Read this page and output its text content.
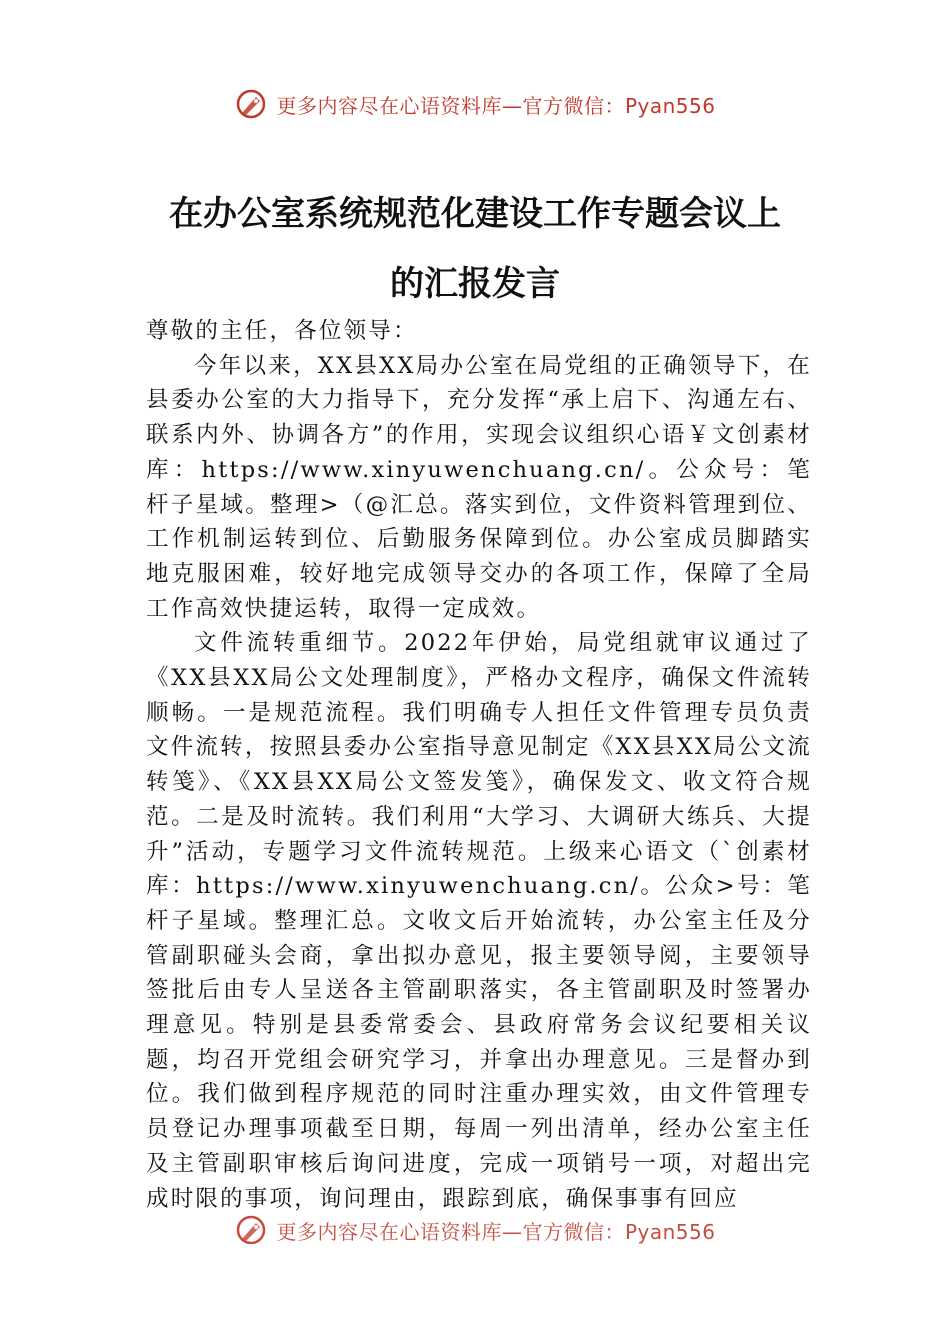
更多内容尽在心语资料库—官方微信：Pyan556
在办公室系统规范化建设工作专题会议上
的汇报发言

尊敬的主任，各位领导：

今年以来，XX县XX局办公室在局党组的正确领导下，在县委办公室的大力指导下，充分发挥“承上启下、沟通左右、联系内外、协调各方”的作用，实现会议组织心语￥文创素材库：https://www.xinyuwenchuang.cn/。公众号：笔杆子星域。整理>（@汇总。落实到位，文件资料管理到位、工作机制运转到位、后勤服务保障到位。办公室成员脚踏实地克服困难，较好地完成领导交办的各项工作，保障了全局工作高效快捷运转，取得一定成效。

文件流转重细节。2022年伊始，局党组就审议通过了《XX县XX局公文处理制度》，严格办文程序，确保文件流转顺畅。一是规范流程。我们明确专人担任文件管理专员负责文件流转，按照县委办公室指导意见制定《XX县XX局公文流转笺》、《XX县XX局公文签发笺》，确保发文、收文符合规范。二是及时流转。我们利用“大学习、大调研大练兵、大提升”活动，专题学习文件流转规范。上级来心语文（`创素材库：https://www.xinyuwenchuang.cn/。公众>号：笔杆子星域。整理汇总。文收文后开始流转，办公室主任及分管副职碰头会商，拿出拟办意见，报主要领导阅，主要领导签批后由专人呈送各主管副职落实，各主管副职及时签署办理意见。特别是县委常委会、县政府常务会议纪要相关议题，均召开党组会研究学习，并拿出办理意见。三是督办到位。我们做到程序规范的同时注重办理实效，由文件管理专员登记办理事项截至日期，每周一列出清单，经办公室主任及主管副职审核后询问进度，完成一项销号一项，对超出完成时限的事项，询问理由，跟踪到底，确保事事有回应

更多内容尽在心语资料库—官方微信：Pyan556
